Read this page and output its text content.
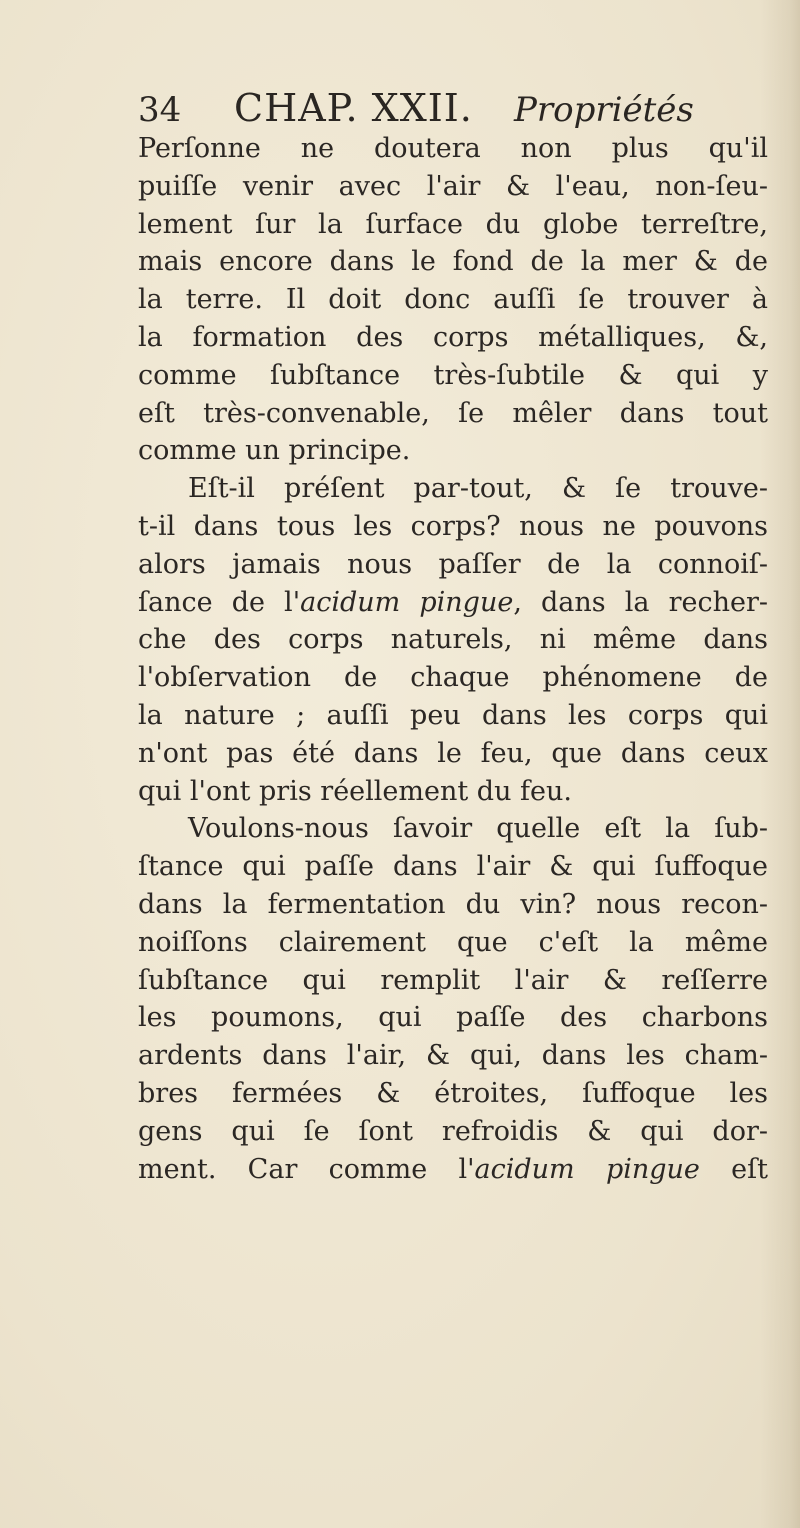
34 CHAP. XXII. Propriétés
Perſonne ne doutera non plus qu'il
puiſſe venir avec l'air & l'eau, non-ſeu-
lement ſur la ſurface du globe terreſtre,
mais encore dans le fond de la mer & de
la terre. Il doit donc auſſi ſe trouver à
la formation des corps métalliques, &,
comme ſubſtance très-ſubtile & qui y
eſt très-convenable, ſe mêler dans tout
comme un principe.
Eſt-il préſent par-tout, & ſe trouve-
t-il dans tous les corps? nous ne pouvons
alors jamais nous paſſer de la connoiſ-
ſance de l'acidum pingue, dans la recher-
che des corps naturels, ni même dans
l'obſervation de chaque phénomene de
la nature ; auſſi peu dans les corps qui
n'ont pas été dans le feu, que dans ceux
qui l'ont pris réellement du feu.
Voulons-nous ſavoir quelle eſt la ſub-
ſtance qui paſſe dans l'air & qui ſuffoque
dans la fermentation du vin? nous recon-
noiſſons clairement que c'eſt la même
ſubſtance qui remplit l'air & reſſerre
les poumons, qui paſſe des charbons
ardents dans l'air, & qui, dans les cham-
bres fermées & étroites, ſuffoque les
gens qui ſe ſont refroidis & qui dor-
ment. Car comme l'acidum pingue eſt
